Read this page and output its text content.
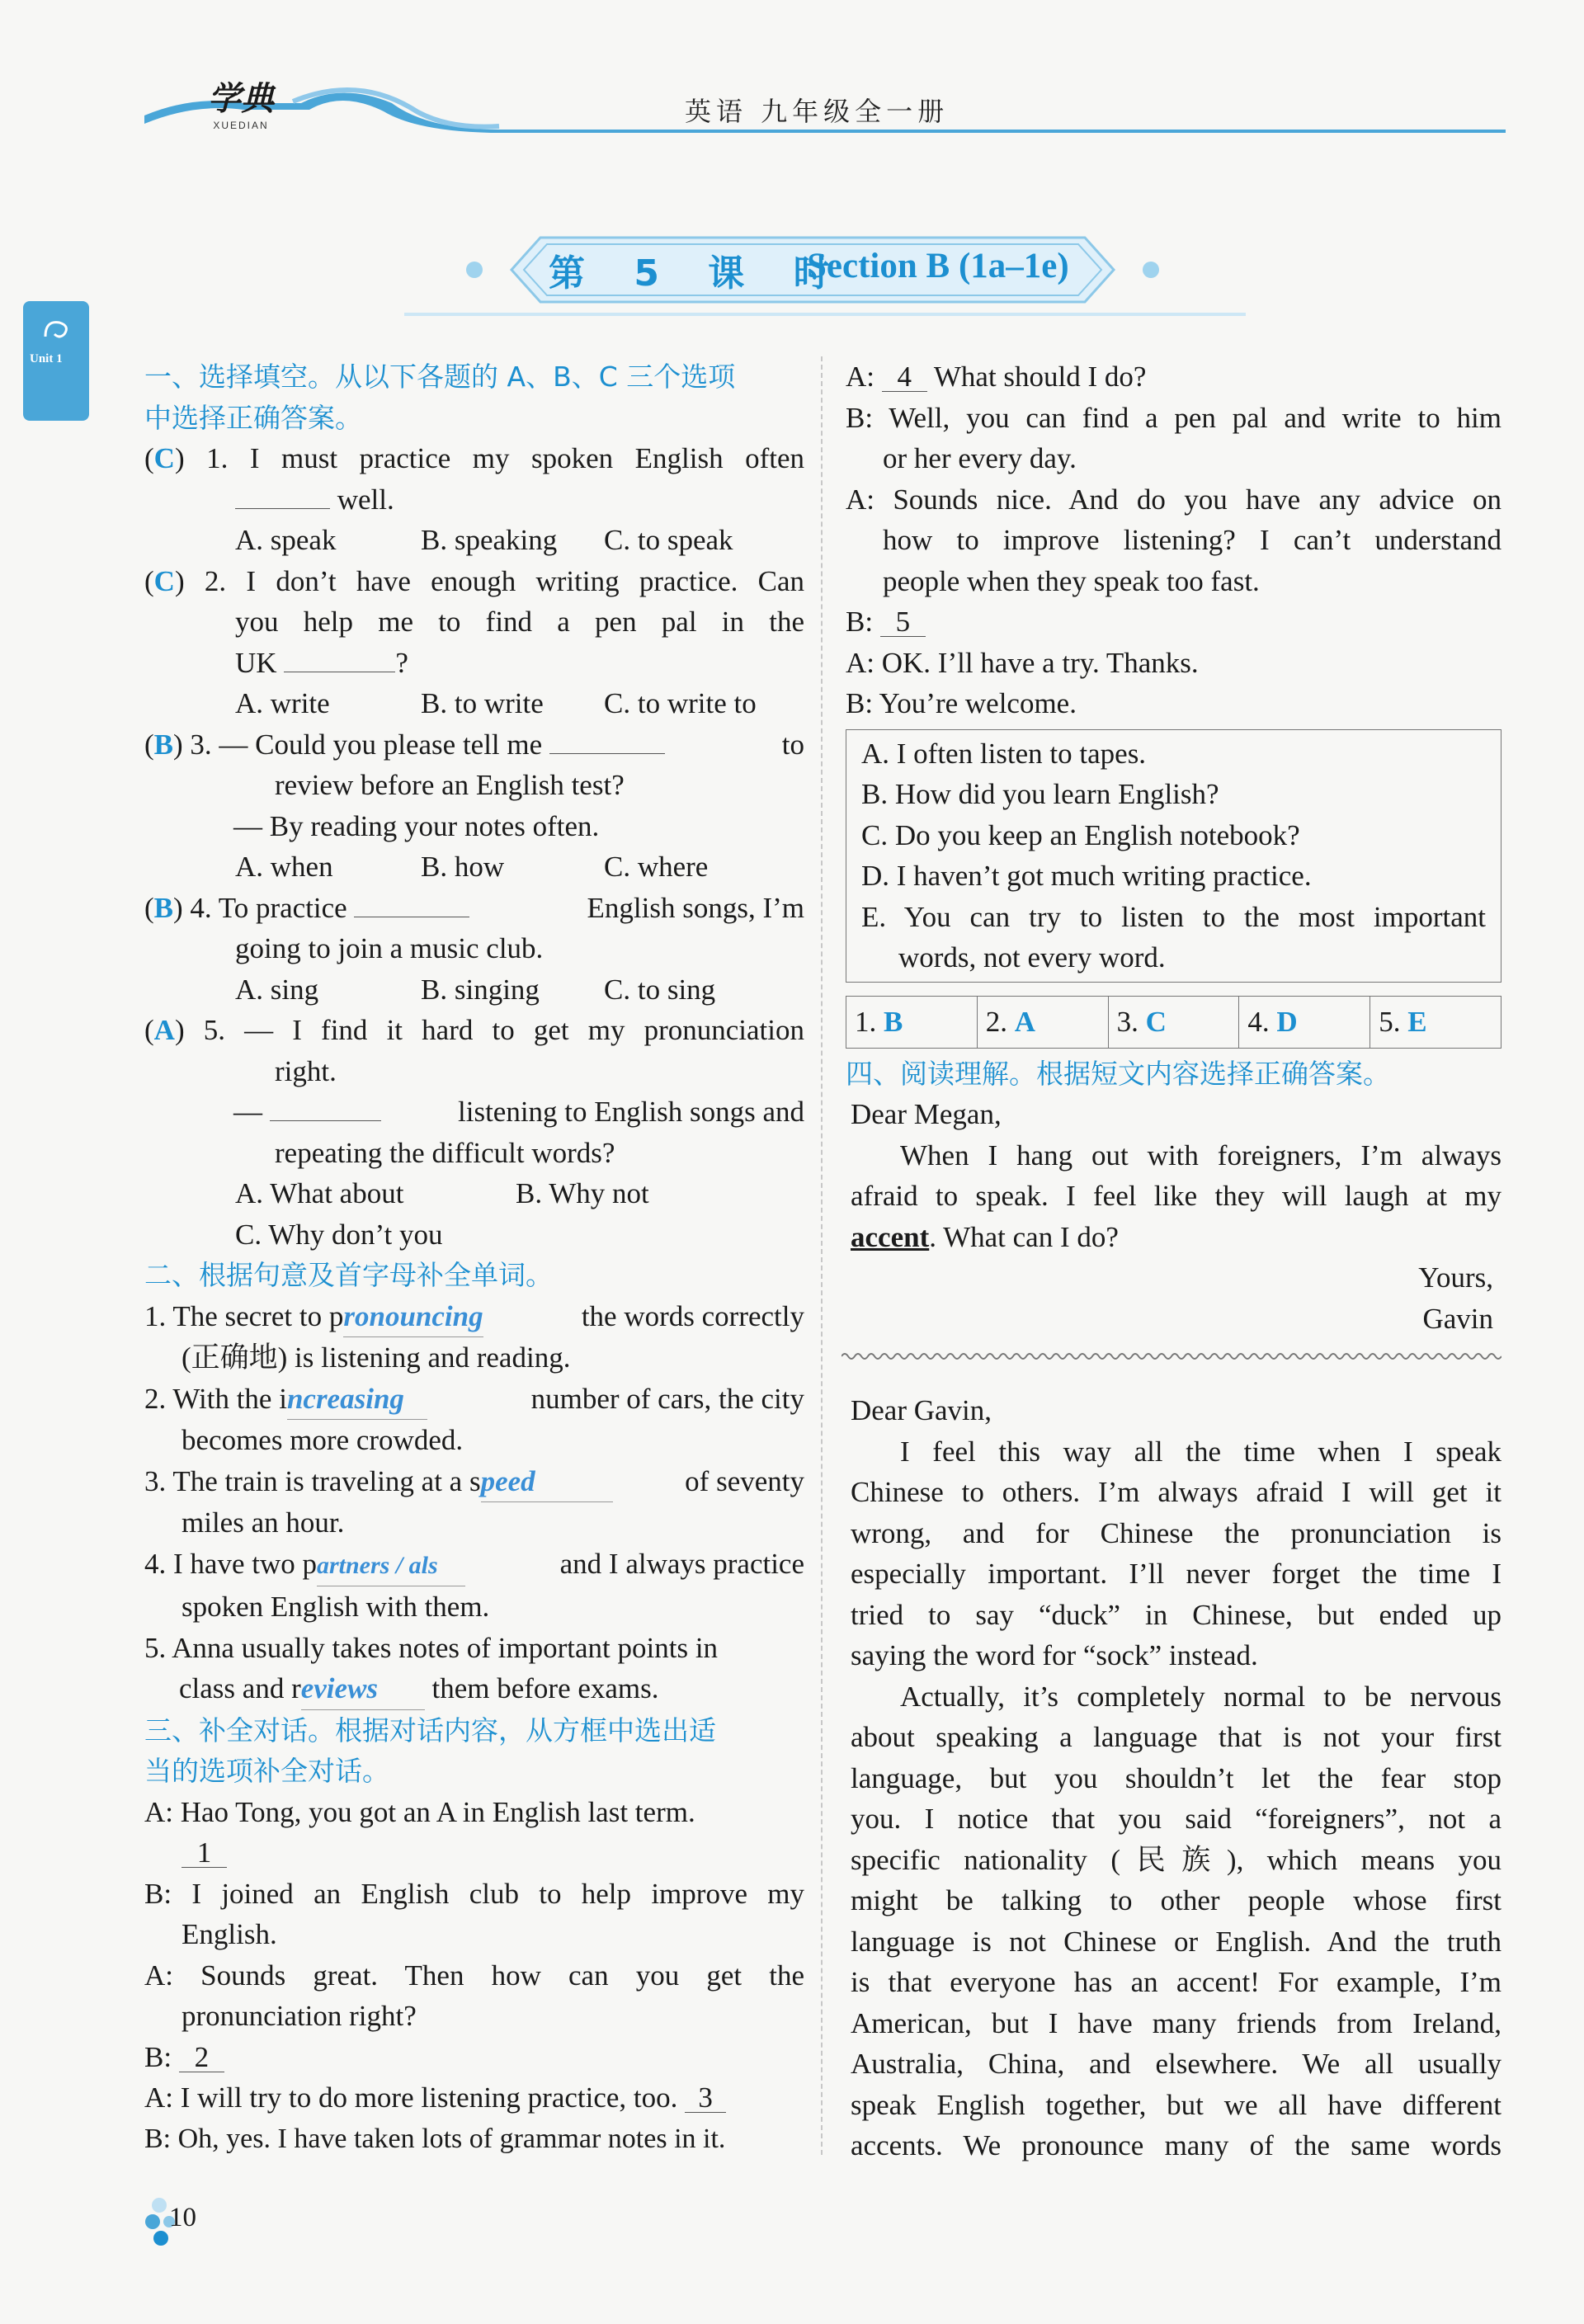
学典
XUEDIAN	英语 九年级全一册
Unit 1
第 5 课 时
Section B (1a–1e)
一、选择填空。从以下各题的 A、B、C 三个选项
中选择正确答案。
(C) 1. I must practice my spoken English often
well.
A. speak	B. speaking	C. to speak
(C) 2. I don’t have enough writing practice. Can
you help me to find a pen pal in the
UK	?
A. write	B. to write	C. to write to
(B) 3. — Could you please tell me	to
review before an English test?
— By reading your notes often.
A. when	B. how	C. where
(B) 4. To practice	English songs, I’m
going to join a music club.
A. sing	B. singing	C. to sing
(A) 5. — I find it hard to get my pronunciation
right.
—	listening to English songs and
repeating the difficult words?
A. What about	B. Why not
C. Why don’t you
二、根据句意及首字母补全单词。
1. The secret to pronouncing	the words correctly
(正确地) is listening and reading.
2. With the increasing	number of cars, the city
becomes more crowded.
3. The train is traveling at a speed	of seventy
miles an hour.
4. I have two partners / als	and I always practice
spoken English with them.
5. Anna usually takes notes of important points in
class and reviews them before exams.
三、补全对话。根据对话内容，从方框中选出适
当的选项补全对话。
A: Hao Tong, you got an A in English last term.
1
B: I joined an English club to help improve my
English.
A: Sounds great. Then how can you get the
pronunciation right?
B: 2
A: I will try to do more listening practice, too. 3
B: Oh, yes. I have taken lots of grammar notes in it.
A: 4 What should I do?
B: Well, you can find a pen pal and write to him
or her every day.
A: Sounds nice. And do you have any advice on
how to improve listening? I can’t understand
people when they speak too fast.
B: 5
A: OK. I’ll have a try. Thanks.
B: You’re welcome.
A. I often listen to tapes.
B. How did you learn English?
C. Do you keep an English notebook?
D. I haven’t got much writing practice.
E. You can try to listen to the most important
words, not every word.
1. B	2. A	3. C	4. D	5. E
四、阅读理解。根据短文内容选择正确答案。
Dear Megan,
When I hang out with foreigners, I’m always
afraid to speak. I feel like they will laugh at my
accent. What can I do?
Yours,
Gavin
Dear Gavin,
I feel this way all the time when I speak
Chinese to others. I’m always afraid I will get it
wrong, and for Chinese the pronunciation is
especially important. I’ll never forget the time I
tried to say “duck” in Chinese, but ended up
saying the word for “sock” instead.
Actually, it’s completely normal to be nervous
about speaking a language that is not your first
language, but you shouldn’t let the fear stop
you. I notice that you said “foreigners”, not a
specific nationality (民族), which means you
might be talking to other people whose first
language is not Chinese or English. And the truth
is that everyone has an accent! For example, I’m
American, but I have many friends from Ireland,
Australia, China, and elsewhere. We all usually
speak English together, but we all have different
accents. We pronounce many of the same words
10
